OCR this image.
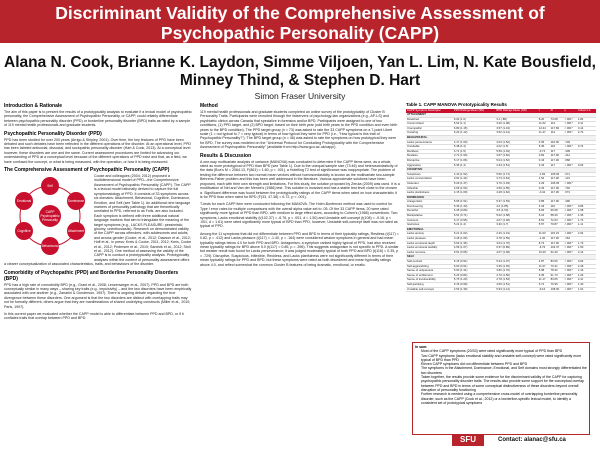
Discriminant Validity of the Comprehensive Assessment of Psychopathic Personality (CAPP)
Alana N. Cook, Brianne K. Laydon, Simme Viljoen, Yan L. Lim, N. Kate Bousfield, Minney Thind, & Stephen D. Hart
Simon Fraser University
Introduction & Rationale
The aim of this paper is to present the results of a prototypicality analysis to evaluate if a lexical model of psychopathic personality, the Comprehensive Assessment of Psychopathic Personality, or CAPP, could reliably differentiate between psychopathic personality disorder (PPD) or borderline personality disorder (BPD) traits as rated by a sample of 119 mental health professionals and graduate students.
Psychopathic Personality Disorder (PPD)
PPD has been studied for over 200 years (Arrigo & Shipley, 2001). Over time, the key features of PPD have been debated and such debates have been reflected in the different operations of the disorder. At an operational level, PPD has been labeled antisocial, dissocial, and sociopathic personality disorder (Hart & Cook, 2013). At a conceptual level however, these disorders are one and the same. Current assessment procedures are limited for advancing our understanding of PPD at a conceptual level because of the different operations of PPD exist and that, as a field, we have confused the concept, or what is being measured, with the operation, or how it is being measured.
The Comprehensive Assessment of Psychopathic Personality (CAPP)
CAPP Psychopathic Personality
Self
Dominance
Attachment
Behavioural
Cognitive
Emotional
Cooke and colleagues (2004; 2012) proposed a multidimensional model of PPD—the Comprehensive Assessment of Psychopathic Personality (CAPP). The CAPP is a lexical model rationally derived to capture the full symptomatology of PPD. It consists of 33 symptoms across six domains: Attachment, Behavioral, Cognitive, Dominance, Emotion, and Self (see Table 1). An additional nine language markers of personality pathology that are theoretically unrelated to PPD, referred to as Foils, are also included. Each symptom is defined with three additional natural language markers that aim to triangulate the meaning of the target symptoms (e.g., LACKS PLEASURE: pessimistic, gloomy, unenthusiastic). Research on demonstrated validity of the CAPP across offenders, with adolescents and adults, and across gender (Cooke, et al., 2012; Dawson et al., 2012; Hoff et al., in press; Kreis & Cooke, 2011, 2012; Kreis, Cooke et al., 2012; Pedersen et al., 2010; Sandvik et al., 2012; Stoll et al., 2012). One method of assessing the validity of the CAPP is to conduct a prototypicality analysis. Prototypicality analyses within the context of personality assessment offers a clearer conceptualization of associated characteristics, traits, and behaviours of the disorder.
Comorbidity of Psychopathic (PPD) and Borderline Personality Disorders (BPD)
PPD has a high rate of comorbidity BPD (e.g., Grant et al., 2008; Lenzenweger et al., 2007). PPD and BPD are both conceptually similar in many ways – sharing key traits (e.g., impulsivity) – and the two disorders have been empirically associated with one another (e.g., Zanarini & Gunderson, 1997). There is ongoing debate regarding the true divergence between these disorders. One argument is that the two disorders are distinct with overlapping traits may not be formally different; others argue that they are manifestations of shared underlying constructs (Miller et al., 2010; Paris, 1997).
In this current paper we evaluated whether the CAPP model is able to differentiate between PPD and BPD, or if it conflates traits that overlap between PPD and BPD.
Method
119 mental health professionals and graduate students completed an online survey of the prototypicality of Cluster B Personality Traits. Participants were recruited through the listservers of psychology-law organizations (e.g., AP-LS) and psychiatric clinics across Canada that specialize in forensics and/or BPD. Participants were assigned to one of two conditions, (1) PPD target, and (2) BPD target, based on their birth year (odd birth years to the PPD condition and even birth years to the BPD condition). The PPD target group (n = 73) was asked to rate the 33 CAPP symptoms on a 7-point Likert scale (1 = not typical to 7 = very typical) in terms of how typical they were for PPD (i.e., "How typical is this trait of Psychopathic Personality?"). The BPD target group (n = 46) was asked to rate the symptoms on how prototypical they were for BPD. The survey was modeled on the "Universal Protocol for Conducting Prototypicality with the Comprehensive Assessment of Psychopathic Personality" (available from http://www.gcu.ac.uk/capp/).
Results & Discussion
A one-way multivariate analysis of variance (MANOVA) was conducted to determine if the CAPP items were, as a whole, rated as more prototypical of PPD than BPD (see Table 1). Due to the unequal sample size (73:46) and heteroscedasticity of the data (Box's M = 2064.13, F(861) = 1.60, p < .001), a Hotelling T2 test of significance was inappropriate. The problem of testing the difference between two normal mean vectors without homoscedasticity is known as the multivariate two-sample Behrens-Fisher problem and this has been well addressed in the literature. Various approximate solutions have been proposed, each with their own strength and limitations. For this study, the solution proposed by Zeruta (2009) was used. It is a modification of Nel and Van der Merwe's (1986) test. This solution is invariant and has a stable test level close to the chosen α. Significant difference was found between the prototypicality ratings of the CAPP items when rated on how characteristic it is for PPD than when rated for BPD (F(33, 47.38) = 6.72, p < .001).
T-tests for each CAPP item were conducted following the MANOVA. The Holm-Bonferroni method was used to control for Type I error rates for multiple comparisons with the overall alpha value set to .05. Of the 33 CAPP items, 20 were rated significantly more typical of PPD than BPD, with medium to large effect sizes, according to Cohen's (1988) conventions. Two symptoms, Lacks emotional stability (t(102.37) = -6.76, p < .001, d = 1.50) and Unstable self-concept (t(108) = -9.16, p < .001, d = 1.61) were rated significantly more typical of BPD than PPD, however, Unstable self-concept itself was not rated as typical of PPD.
Among the 11 symptoms that did not differentiate between PPD and BPD in terms of their typicality ratings, Restless (t(117) = 0.82, p = .412) and Lacks pleasure (t(117) = -1.40, p = .164) were considered weaker symptoms in general and had mean typicality ratings below 4.0 for both PPD and BPD. Antagonism, a symptom ranked highly typical of PPD, had also received mean typicality ratings for BPD above 5.0 (t(117) = 0.85, p = .396). This suggests antagonism is not specific to PPD. A similar but weaker result was found for Lacks perseverance; it was judged moderately typical of both PPD and BPD (t(116) = 0.35, p = .729). Disruptive, Suspicious, Inflexible, Reckless, and Lacks planfulness were not significantly different in terms of their mean typicality ratings for PPD and BPD, but these symptoms were rated as both disordered and mean typicality ratings above 4.0, and reflect somewhat the common Cluster B features of being dramatic, emotional, or erratic.
Table 1. CAPP MANOVA Prototypicality Results
CAPP Symptom Descriptor	PPD Ratings Mean (SD)	BPD Ratings Mean (SD)	t	df	p	Cohen's d
ATTACHMENT						
Detached	6.02 (1.0)	3.1 (.88)	8.20	73.08	<.001*	1.84
Uncommitted	6.62 (1.1)	3.26 (1.08)	11.62	113	<.001*	3.11
Unempathic	6.80 (1.15)	3.57 (1.43)	12.44	117.69	<.001*	3.14
Uncaring	6.23 (1.12)	3.52 (1.41)	11.47	114	<.001*	2.74
BEHAVIOURAL						
Lacks perseverance	4.17 (1.60)	4.03 (1.52)	0.35	116.00	.729	
Unreliable	5.48 (1.4)	4.02 (1.5)	5.35	110	<.001*	0.74
Reckless	4.71 (1.5)	5.59 (1.04)	-0.74	117	.409	
Restless	3.71 (1.90)	3.67 (1.62)	0.82	117.00	.412	
Disruptive	5.17 (1.66)	5.04 (1.52)	0.43	117.00	.668	
Aggressive	5.36 (1.4)	4.43 (1.51)	3.43	117	<.001*	0.63
COGNITIVE						
Suspicious	4.10 (1.52)	5.50 (1.71)	-1.82	105.06	.071	
Lacks concentration	3.91 (1.44)	3.73 (1.64)	1.52	117.00	.131	
Intolerant	5.29 (1.47)	3.76 (1.93)	4.29	106.05	<.001*	
Inflexible	4.69 (1.53)	4.59 (1.55)	0.33	117.00	.740	
Lacks planfulness	4.15 (1.69)	4.28 (1.62)	-0.42	117.00	.674	
DOMINANCE						
Antagonistic	5.65 (1.51)	5.37 (1.53)	0.85	117.00	.396	
Domineering	5.36 (1.40)	4.0 (1.85)	4.33	110	<.001*	0.86
Deceitful	6.45 (0.89)	4.5 (1.53)	8.06	66.08	<.001*	1.68
Manipulative	6.51 (0.71)	5.02 (1.58)	6.16	58.26	<.001*	1.36
Insincere	6.17 (0.95)	4.07 (1.48)	8.51	72.03	<.001*	1.74
Garrulous	5.21 (1.4)	3.30 (1.7)	5.57	79.87	<.001*	1.11
EMOTIONAL						
Lacks anxiety	5.21 (1.62)	2.20 (1.19)	11.63	115.23	<.001*	2.04
Lacks pleasure	3.18 (1.66)	3.78 (1.59)	-1.40	117.00	.164	
Lacks emotional depth	5.63 (1.36)	3.04 (1.70)	8.73	117.00	<.001*	1.73
Lacks emotional stability	4.59 (1.67)	6.37 (0.89)	-6.76	102.37	<.001*	1.50
Lacks remorse	6.51 (0.65)	4.07 (1.48)	10.46	62.40	<.001*	2.14
SELF						
Self-centred	6.15 (0.91)	5.23 (1.07)	4.87	83.66	<.001*	0.92
Self-aggrandizing	6.00 (0.91)	3.39 (1.45)	11.07	70.41	<.001*	2.18
Sense of uniqueness	5.60 (1.31)	3.80 (1.76)	5.98	78.32	<.001*	1.16
Sense of entitlement	6.23 (0.84)	4.70 (1.56)	6.35	61.73	<.001*	1.26
Sense of invulnerability	5.75 (1.29)	2.78 (1.53)	11.17	83.65	<.001*	2.11
Self-justifying	6.15 (0.99)	4.50 (1.51)	6.72	70.95	<.001*	1.30
Unstable self-concept	2.53 (1.39)	5.93 (1.14)	-9.16	108.00	<.001*	1.61
In sum:
• Most of the CAPP symptoms (20/33) were rated significantly more typical of PPD than BPD
• Two CAPP symptoms (lacks emotional stability and unstable self-concept) were rated significantly more typical of BPD than PPD
• Eleven CAPP symptoms did not differentiate between PPD and BPD
• The symptoms in the Attachment, Dominance, Emotional, and Self domains most strongly differentiated the two disorders
• Taken together, the results provide some evidence for the discriminant validity of the CAPP for capturing psychopathic personality disorder traits. The results also provide some support for the conceptual overlap between PPD and BPD in terms of some conceptual distinctiveness of these disorders beyond overall disruption of personality functioning
• Further research is needed using a comprehensive cross-model of overlapping borderline personality disorder, such as the CAPP (Cook et al., 2012) or a borderline-specific lexical model, to identify a consistent set of prototypical symptoms
SFU	Contact: alanac@sfu.ca
